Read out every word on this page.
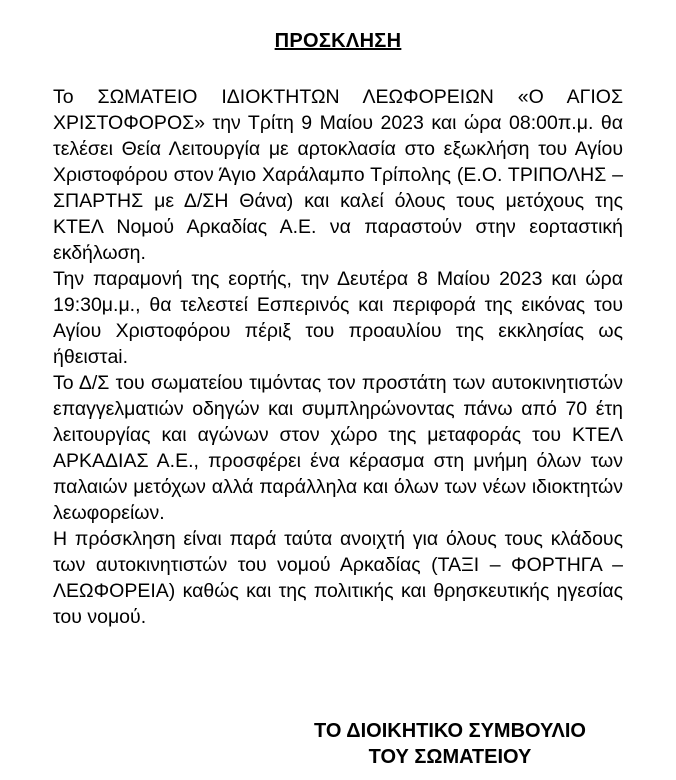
ΠΡΟΣΚΛΗΣΗ

Το ΣΩΜΑΤΕΙΟ ΙΔΙΟΚΤΗΤΩΝ ΛΕΩΦΟΡΕΙΩΝ «Ο ΑΓΙΟΣ ΧΡΙΣΤΟΦΟΡΟΣ» την Τρίτη 9 Μαίου 2023 και ώρα 08:00π.μ. θα τελέσει Θεία Λειτουργία με αρτοκλασία στο εξωκλήση του Αγίου Χριστοφόρου στον Άγιο Χαράλαμπο Τρίπολης (Ε.Ο. ΤΡΙΠΟΛΗΣ – ΣΠΑΡΤΗΣ με Δ/ΣΗ Θάνα) και καλεί όλους τους μετόχους της ΚΤΕΛ Νομού Αρκαδίας Α.Ε. να παραστούν στην εορταστική εκδήλωση.

Την παραμονή της εορτής, την Δευτέρα 8 Μαίου 2023 και ώρα 19:30μ.μ., θα τελεστεί Εσπερινός και περιφορά της εικόνας του Αγίου Χριστοφόρου πέριξ του προαυλίου της εκκλησίας ως ήθειστai.

Το Δ/Σ του σωματείου τιμόντας τον προστάτη των αυτοκινητιστών επαγγελματιών οδηγών και συμπληρώνοντας πάνω από 70 έτη λειτουργίας και αγώνων στον χώρο της μεταφοράς του ΚΤΕΛ ΑΡΚΑΔΙΑΣ Α.Ε., προσφέρει ένα κέρασμα στη μνήμη όλων των παλαιών μετόχων αλλά παράλληλα και όλων των νέων ιδιοκτητών λεωφορείων.

Η πρόσκληση είναι παρά ταύτα ανοιχτή για όλους τους κλάδους των αυτοκινητιστών του νομού Αρκαδίας (ΤΑΞΙ – ΦΟΡΤΗΓΑ – ΛΕΩΦΟΡΕΙΑ) καθώς και της πολιτικής και θρησκευτικής ηγεσίας του νομού.

ΤΟ ΔΙΟΙΚΗΤΙΚΟ ΣΥΜΒΟΥΛΙΟ
ΤΟΥ ΣΩΜΑΤΕΙΟΥ
